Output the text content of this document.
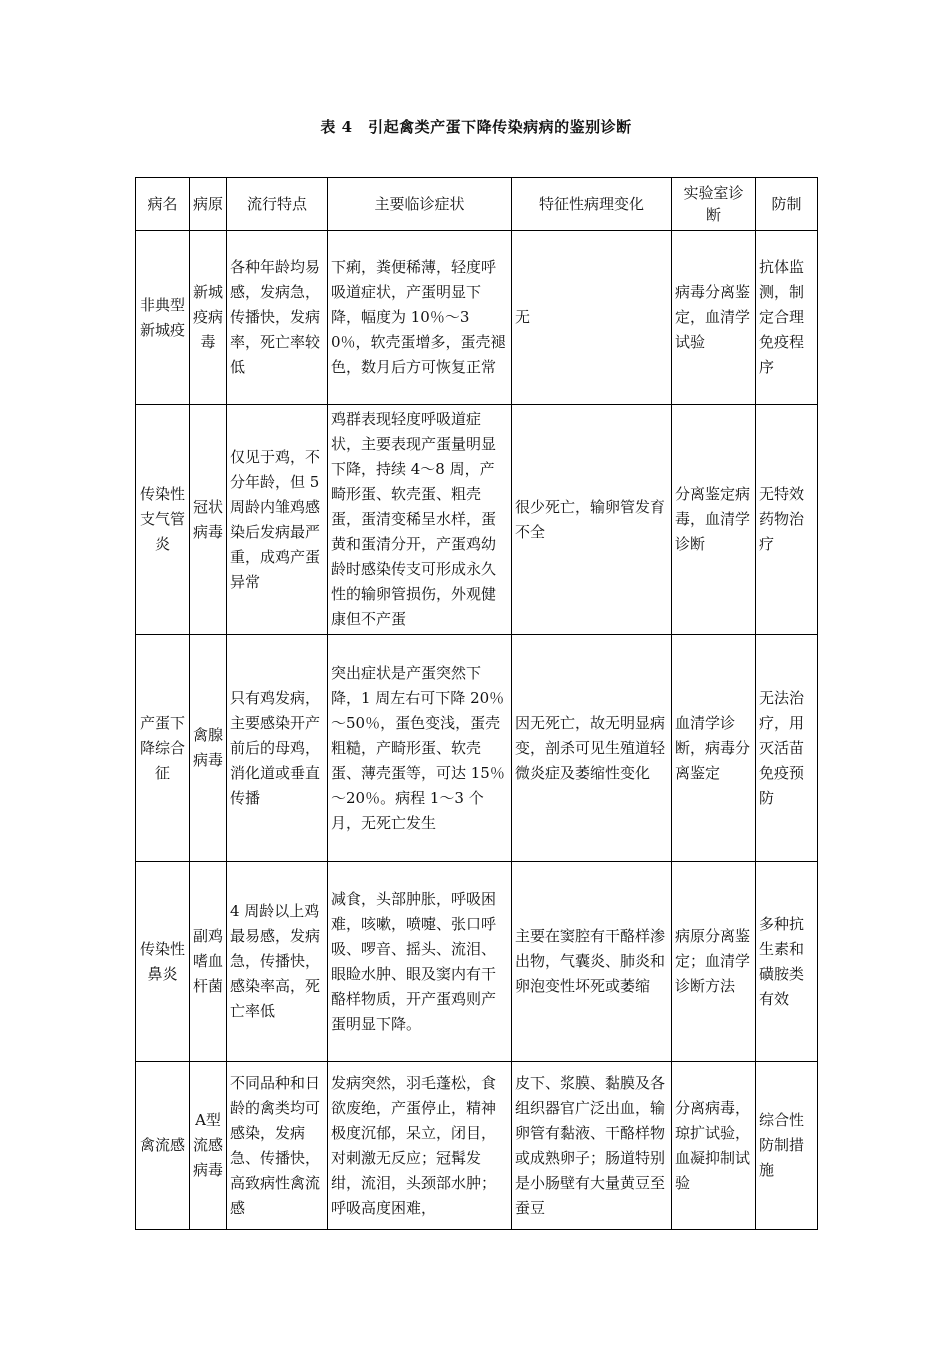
表 4　引起禽类产蛋下降传染病病的鉴别诊断
病名	病原	流行特点	主要临诊症状	特征性病理变化	实验室诊　断	防制
非典型新城疫	新城疫病毒	各种年龄均易感，发病急，传播快，发病率，死亡率较低	下痢，粪便稀薄，轻度呼吸道症状，产蛋明显下降，幅度为 10％～30％，软壳蛋增多，蛋壳褪色，数月后方可恢复正常	无	病毒分离鉴定，血清学试验	抗体监测，制定合理免疫程序
传染性支气管炎	冠状病毒	仅见于鸡，不分年龄，但 5 周龄内雏鸡感染后发病最严重，成鸡产蛋异常	鸡群表现轻度呼吸道症状，主要表现产蛋量明显下降，持续 4～8 周，产畸形蛋、软壳蛋、粗壳蛋，蛋清变稀呈水样，蛋黄和蛋清分开，产蛋鸡幼龄时感染传支可形成永久性的输卵管损伤，外观健康但不产蛋	很少死亡，输卵管发育不全	分离鉴定病毒，血清学诊断	无特效药物治疗
产蛋下降综合征	禽腺病毒	只有鸡发病，主要感染开产前后的母鸡，消化道或垂直传播	突出症状是产蛋突然下降，1 周左右可下降 20％～50％，蛋色变浅，蛋壳粗糙，产畸形蛋、软壳蛋、薄壳蛋等，可达 15％～20％。病程 1～3 个月，无死亡发生	因无死亡，故无明显病变，剖杀可见生殖道轻微炎症及萎缩性变化	血清学诊断，病毒分离鉴定	无法治疗，用灭活苗免疫预防
传染性鼻炎	副鸡嗜血杆菌	4 周龄以上鸡最易感，发病急，传播快，感染率高，死亡率低	减食，头部肿胀，呼吸困难，咳嗽，喷嚏、张口呼吸、啰音、摇头、流泪、眼睑水肿、眼及窦内有干酪样物质，开产蛋鸡则产蛋明显下降。	主要在窦腔有干酪样渗出物，气囊炎、肺炎和卵泡变性坏死或萎缩	病原分离鉴定；血清学诊断方法	多种抗生素和磺胺类有效
禽流感	A型流感病毒	不同品种和日龄的禽类均可感染，发病急、传播快，高致病性禽流感	发病突然，羽毛蓬松，食欲废绝，产蛋停止，精神极度沉郁，呆立，闭目，对刺激无反应；冠髯发绀，流泪，头颈部水肿；呼吸高度困难，	皮下、浆膜、黏膜及各组织器官广泛出血，输卵管有黏液、干酪样物或成熟卵子；肠道特别是小肠壁有大量黄豆至蚕豆	分离病毒，琼扩试验，血凝抑制试验	综合性防制措施
